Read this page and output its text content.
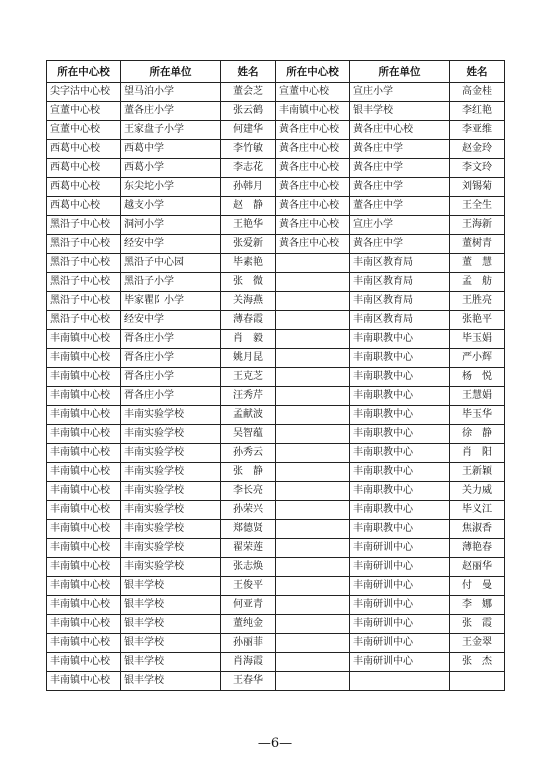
所在中心校	所在单位	姓名	所在中心校	所在单位	姓名
尖字沽中心校	望马泊小学	董会芝	宣董中心校	宣庄小学	高金桂
宣董中心校	董各庄小学	张云鹤	丰南镇中心校	银丰学校	李红艳
宣董中心校	王家盘子小学	何建华	黄各庄中心校	黄各庄中心校	李亚维
西葛中心校	西葛中学	李竹敏	黄各庄中心校	黄各庄中学	赵金玲
西葛中心校	西葛小学	李志花	黄各庄中心校	黄各庄中学	李文玲
西葛中心校	东尖坨小学	孙韩月	黄各庄中心校	黄各庄中学	刘锡菊
西葛中心校	越支小学	赵　静	黄各庄中心校	董各庄中学	王全生
黑沿子中心校	洞河小学	王艳华	黄各庄中心校	宣庄小学	王海新
黑沿子中心校	经安中学	张爱新	黄各庄中心校	黄各庄中学	董树青
黑沿子中心校	黑沿子中心园	毕素艳		丰南区教育局	董　慧
黑沿子中心校	黑沿子小学	张　微		丰南区教育局	孟　舫
黑沿子中心校	毕家瞿阝小学	关海燕		丰南区教育局	王胜亮
黑沿子中心校	经安中学	薄春霞		丰南区教育局	张艳平
丰南镇中心校	胥各庄小学	肖　毅		丰南职教中心	毕玉娟
丰南镇中心校	胥各庄小学	姚月昆		丰南职教中心	严小辉
丰南镇中心校	胥各庄小学	王克芝		丰南职教中心	杨　悦
丰南镇中心校	胥各庄小学	汪秀芹		丰南职教中心	王慧娟
丰南镇中心校	丰南实验学校	孟献波		丰南职教中心	毕玉华
丰南镇中心校	丰南实验学校	吴智蕴		丰南职教中心	徐　静
丰南镇中心校	丰南实验学校	孙秀云		丰南职教中心	肖　阳
丰南镇中心校	丰南实验学校	张　静		丰南职教中心	王新颖
丰南镇中心校	丰南实验学校	李长亮		丰南职教中心	关力威
丰南镇中心校	丰南实验学校	孙荣兴		丰南职教中心	毕义江
丰南镇中心校	丰南实验学校	郑德贤		丰南职教中心	焦淑香
丰南镇中心校	丰南实验学校	翟荣莲		丰南研训中心	薄艳春
丰南镇中心校	丰南实验学校	张志焕		丰南研训中心	赵丽华
丰南镇中心校	银丰学校	王俊平		丰南研训中心	付　曼
丰南镇中心校	银丰学校	何亚青		丰南研训中心	李　娜
丰南镇中心校	银丰学校	董纯金		丰南研训中心	张　霞
丰南镇中心校	银丰学校	孙丽菲		丰南研训中心	王金翠
丰南镇中心校	银丰学校	肖海霞		丰南研训中心	张　杰
丰南镇中心校	银丰学校	王春华			
—6—
